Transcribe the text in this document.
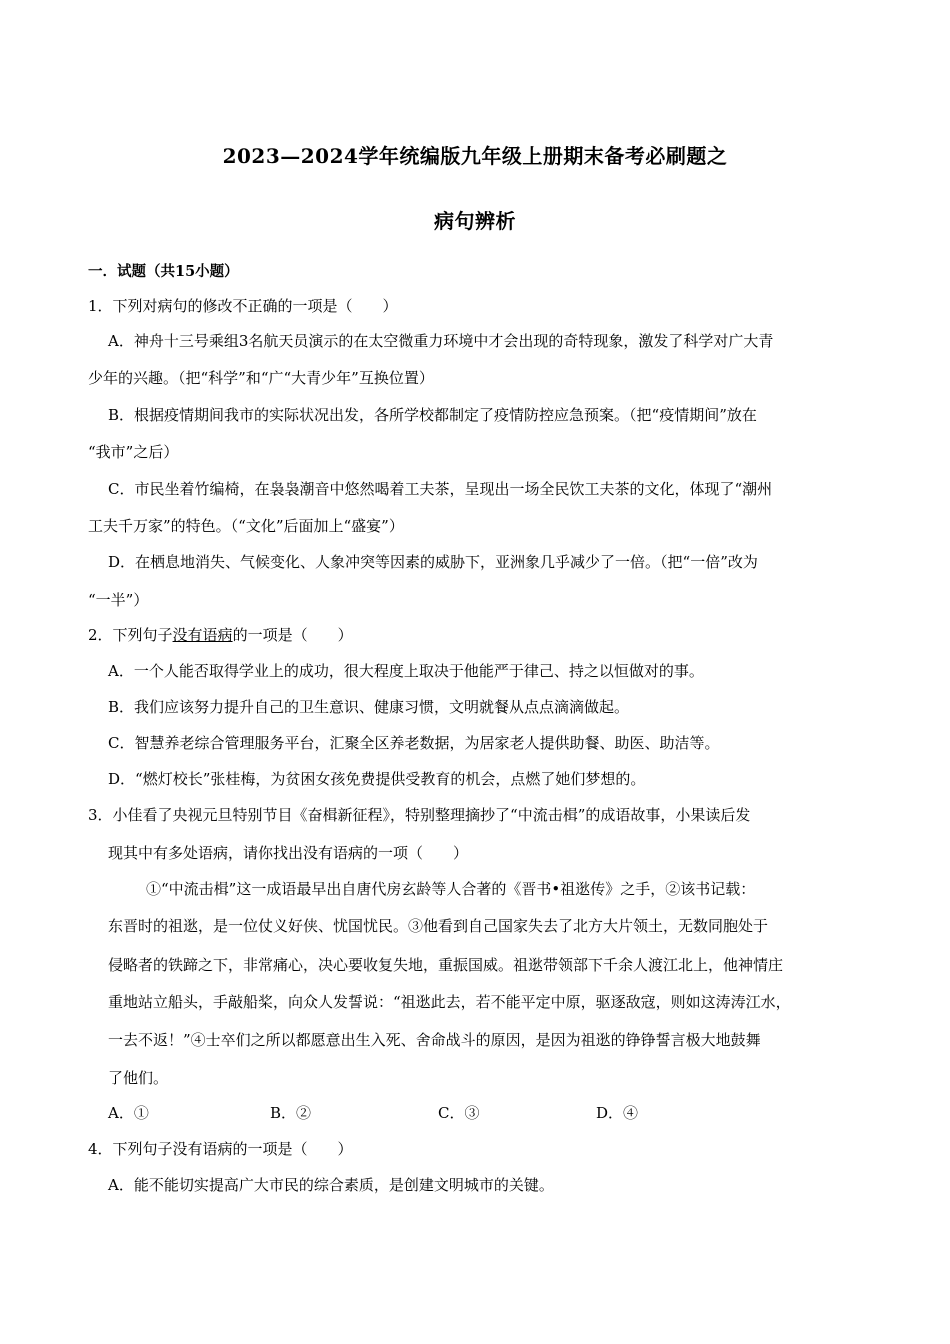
2023—2024学年统编版九年级上册期末备考必刷题之
病句辨析
一．试题（共15小题）
1．下列对病句的修改不正确的一项是（　　）
A．神舟十三号乘组3名航天员演示的在太空微重力环境中才会出现的奇特现象，激发了科学对广大青
少年的兴趣。（把“科学”和“广“大青少年”互换位置）
B．根据疫情期间我市的实际状况出发，各所学校都制定了疫情防控应急预案。（把“疫情期间”放在
“我市”之后）
C．市民坐着竹编椅，在袅袅潮音中悠然喝着工夫茶，呈现出一场全民饮工夫茶的文化，体现了“潮州
工夫千万家”的特色。（“文化”后面加上“盛宴”）
D．在栖息地消失、气候变化、人象冲突等因素的威胁下，亚洲象几乎减少了一倍。（把“一倍”改为
“一半”）
2．下列句子没有语病的一项是（　　）
A．一个人能否取得学业上的成功，很大程度上取决于他能严于律己、持之以恒做对的事。
B．我们应该努力提升自己的卫生意识、健康习惯，文明就餐从点点滴滴做起。
C．智慧养老综合管理服务平台，汇聚全区养老数据，为居家老人提供助餐、助医、助洁等。
D．“燃灯校长”张桂梅，为贫困女孩免费提供受教育的机会，点燃了她们梦想的。
3．小佳看了央视元旦特别节目《奋楫新征程》，特别整理摘抄了“中流击楫”的成语故事，小果读后发
现其中有多处语病，请你找出没有语病的一项（　　）
①“中流击楫”这一成语最早出自唐代房玄龄等人合著的《晋书•祖逖传》之手，②该书记载：
东晋时的祖逖，是一位仗义好侠、忧国忧民。③他看到自己国家失去了北方大片领土，无数同胞处于
侵略者的铁蹄之下，非常痛心，决心要收复失地，重振国威。祖逖带领部下千余人渡江北上，他神情庄
重地站立船头，手敲船桨，向众人发誓说：“祖逖此去，若不能平定中原，驱逐敌寇，则如这涛涛江水，
一去不返！”④士卒们之所以都愿意出生入死、舍命战斗的原因，是因为祖逖的铮铮誓言极大地鼓舞
了他们。
A．①	B．②	C．③	D．④
4．下列句子没有语病的一项是（　　）
A．能不能切实提高广大市民的综合素质，是创建文明城市的关键。
